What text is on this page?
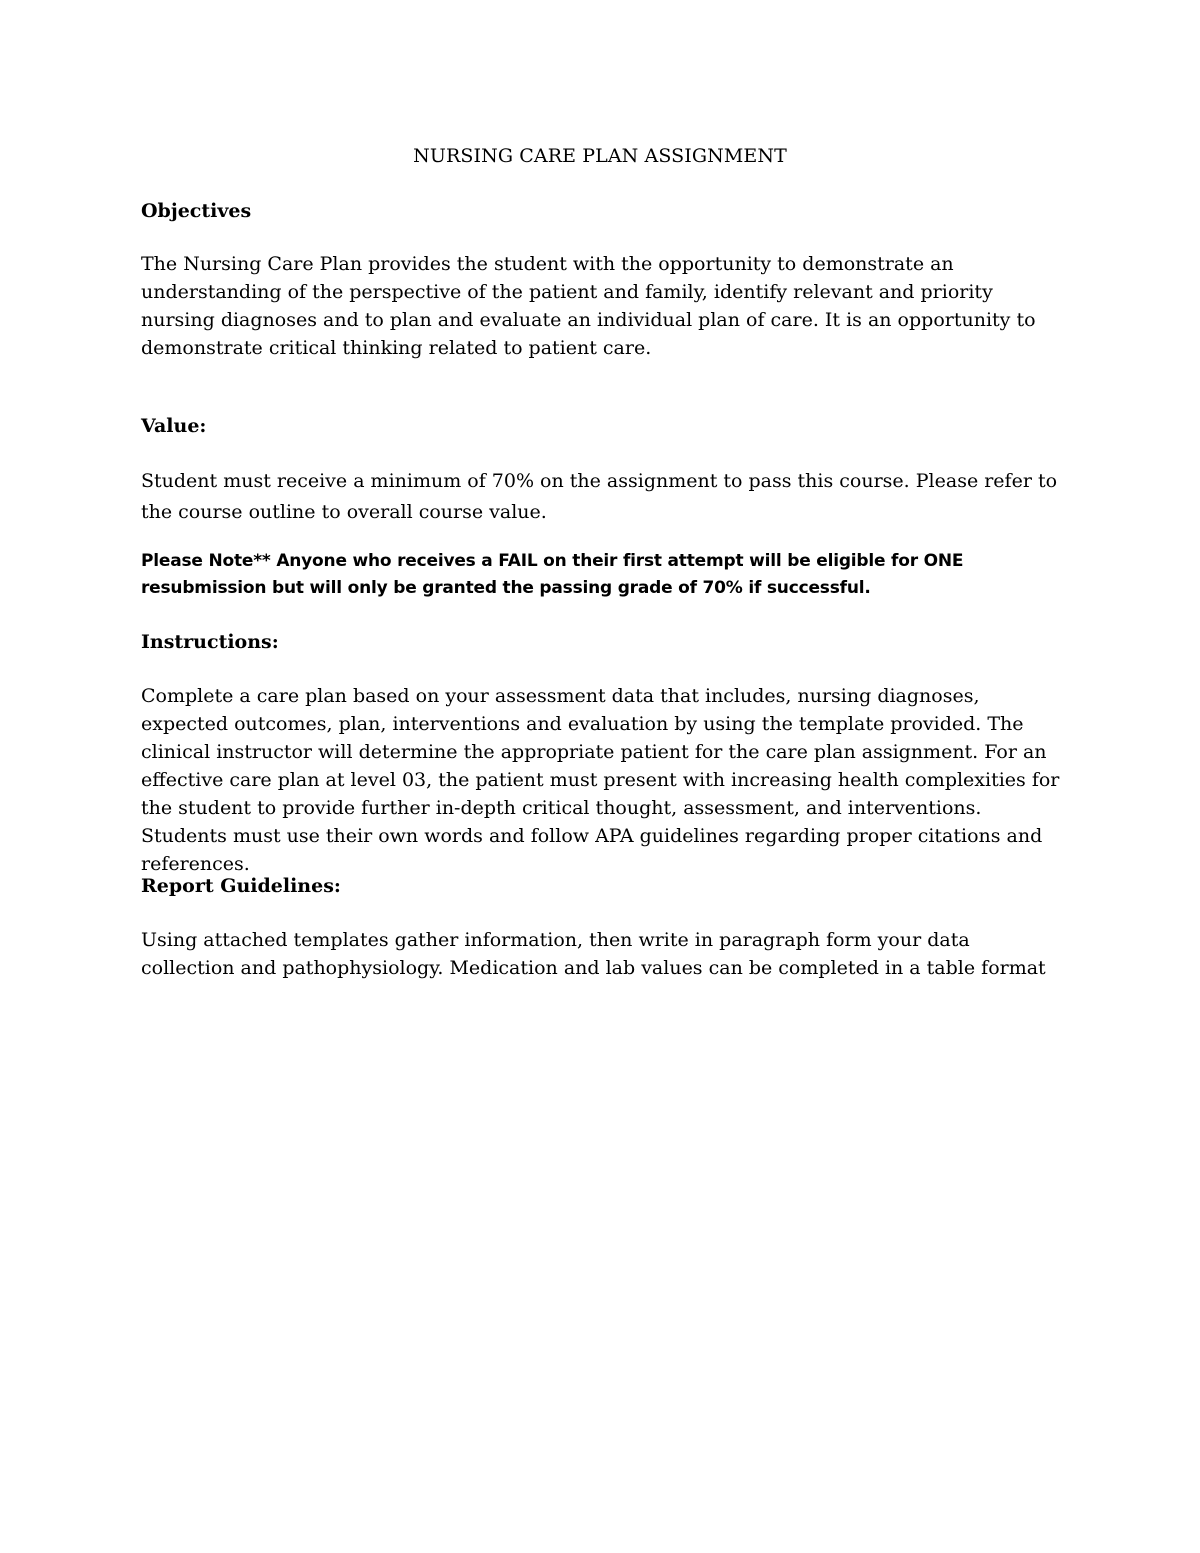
NURSING CARE PLAN ASSIGNMENT

Objectives

The Nursing Care Plan provides the student with the opportunity to demonstrate an understanding of the perspective of the patient and family, identify relevant and priority nursing diagnoses and to plan and evaluate an individual plan of care. It is an opportunity to demonstrate critical thinking related to patient care.

Value:

Student must receive a minimum of 70% on the assignment to pass this course. Please refer to the course outline to overall course value.

Please Note** Anyone who receives a FAIL on their first attempt will be eligible for ONE resubmission but will only be granted the passing grade of 70% if successful.

Instructions:

Complete a care plan based on your assessment data that includes, nursing diagnoses, expected outcomes, plan, interventions and evaluation by using the template provided. The clinical instructor will determine the appropriate patient for the care plan assignment. For an effective care plan at level 03, the patient must present with increasing health complexities for the student to provide further in-depth critical thought, assessment, and interventions. Students must use their own words and follow APA guidelines regarding proper citations and references.

Report Guidelines:

Using attached templates gather information, then write in paragraph form your data collection and pathophysiology. Medication and lab values can be completed in a table format
